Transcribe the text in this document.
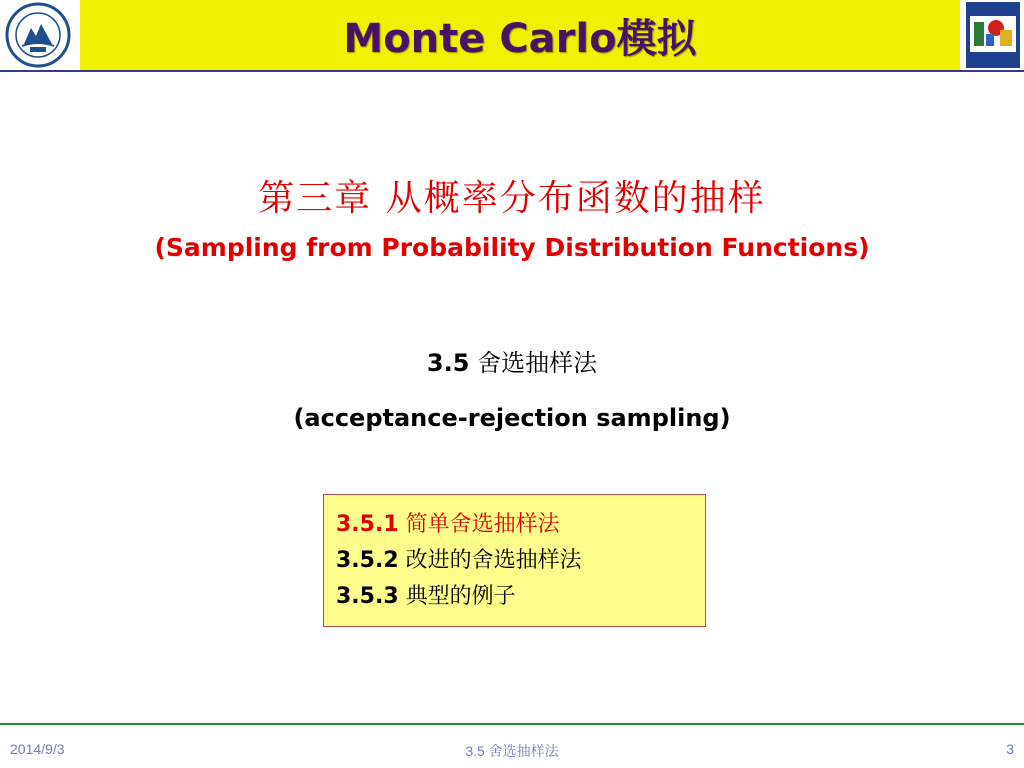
Monte Carlo模拟
第三章 从概率分布函数的抽样
(Sampling from Probability Distribution Functions)
3.5 舍选抽样法
(acceptance-rejection sampling)
3.5.1 简单舍选抽样法
3.5.2 改进的舍选抽样法
3.5.3 典型的例子
2014/9/3	3.5 舍选抽样法	3
